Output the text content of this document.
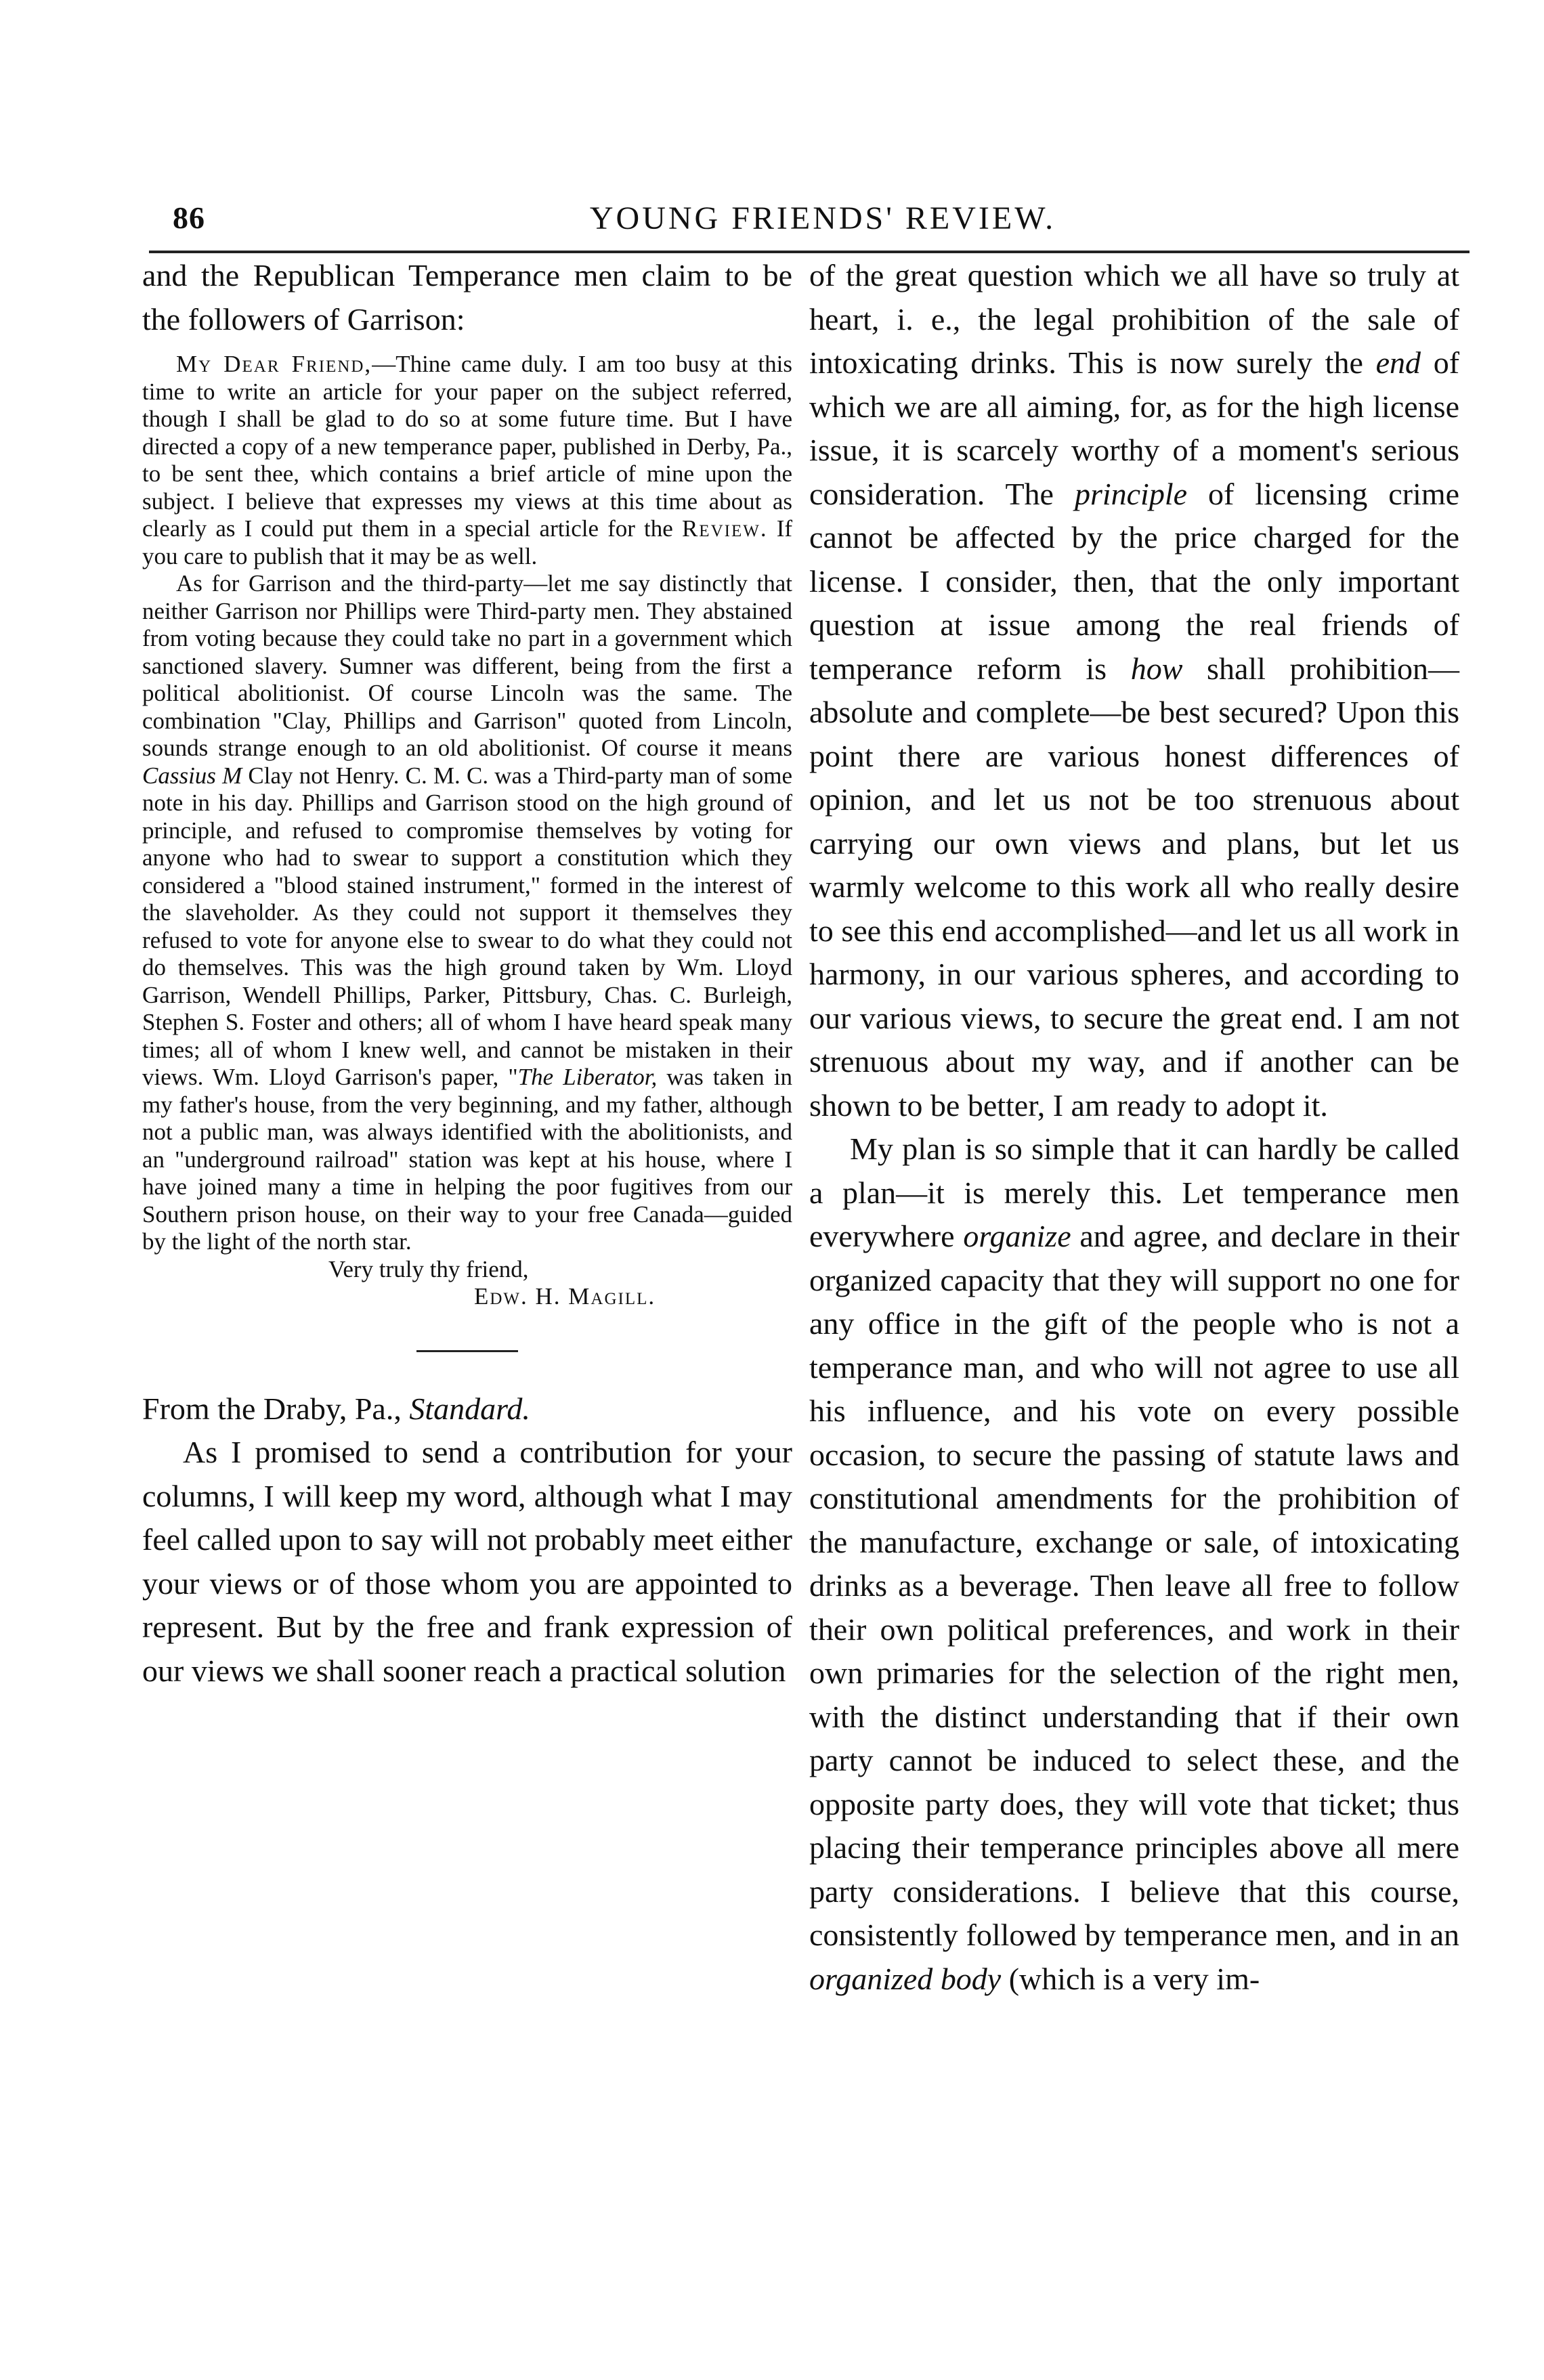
86	YOUNG FRIENDS' REVIEW.

and the Republican Temperance men claim to be the followers of Garrison:

My Dear Friend,—Thine came duly. I am too busy at this time to write an article for your paper on the subject referred, though I shall be glad to do so at some future time. But I have directed a copy of a new temperance paper, published in Derby, Pa., to be sent thee, which contains a brief article of mine upon the subject. I believe that expresses my views at this time about as clearly as I could put them in a special article for the Review. If you care to publish that it may be as well.

As for Garrison and the third-party—let me say distinctly that neither Garrison nor Phillips were Third-party men. They abstained from voting because they could take no part in a government which sanctioned slavery. Sumner was different, being from the first a political abolitionist. Of course Lincoln was the same. The combination "Clay, Phillips and Garrison" quoted from Lincoln, sounds strange enough to an old abolitionist. Of course it means Cassius M Clay not Henry. C. M. C. was a Third-party man of some note in his day. Phillips and Garrison stood on the high ground of principle, and refused to compromise themselves by voting for anyone who had to swear to support a constitution which they considered a "blood stained instrument," formed in the interest of the slaveholder. As they could not support it themselves they refused to vote for anyone else to swear to do what they could not do themselves. This was the high ground taken by Wm. Lloyd Garrison, Wendell Phillips, Parker, Pittsbury, Chas. C. Burleigh, Stephen S. Foster and others; all of whom I have heard speak many times; all of whom I knew well, and cannot be mistaken in their views. Wm. Lloyd Garrison's paper, "The Liberator, was taken in my father's house, from the very beginning, and my father, although not a public man, was always identified with the abolitionists, and an "underground railroad" station was kept at his house, where I have joined many a time in helping the poor fugitives from our Southern prison house, on their way to your free Canada—guided by the light of the north star.

Very truly thy friend,

Edw. H. Magill.

From the Draby, Pa., Standard.

As I promised to send a contribution for your columns, I will keep my word, although what I may feel called upon to say will not probably meet either your views or of those whom you are appointed to represent. But by the free and frank expression of our views we shall sooner reach a practical solution

of the great question which we all have so truly at heart, i. e., the legal prohibition of the sale of intoxicating drinks. This is now surely the end of which we are all aiming, for, as for the high license issue, it is scarcely worthy of a moment's serious consideration. The principle of licensing crime cannot be affected by the price charged for the license. I consider, then, that the only important question at issue among the real friends of temperance reform is how shall prohibition—absolute and complete—be best secured? Upon this point there are various honest differences of opinion, and let us not be too strenuous about carrying our own views and plans, but let us warmly welcome to this work all who really desire to see this end accomplished—and let us all work in harmony, in our various spheres, and according to our various views, to secure the great end. I am not strenuous about my way, and if another can be shown to be better, I am ready to adopt it.

My plan is so simple that it can hardly be called a plan—it is merely this. Let temperance men everywhere organize and agree, and declare in their organized capacity that they will support no one for any office in the gift of the people who is not a temperance man, and who will not agree to use all his influence, and his vote on every possible occasion, to secure the passing of statute laws and constitutional amendments for the prohibition of the manufacture, exchange or sale, of intoxicating drinks as a beverage. Then leave all free to follow their own political preferences, and work in their own primaries for the selection of the right men, with the distinct understanding that if their own party cannot be induced to select these, and the opposite party does, they will vote that ticket; thus placing their temperance principles above all mere party considerations. I believe that this course, consistently followed by temperance men, and in an organized body (which is a very im-
